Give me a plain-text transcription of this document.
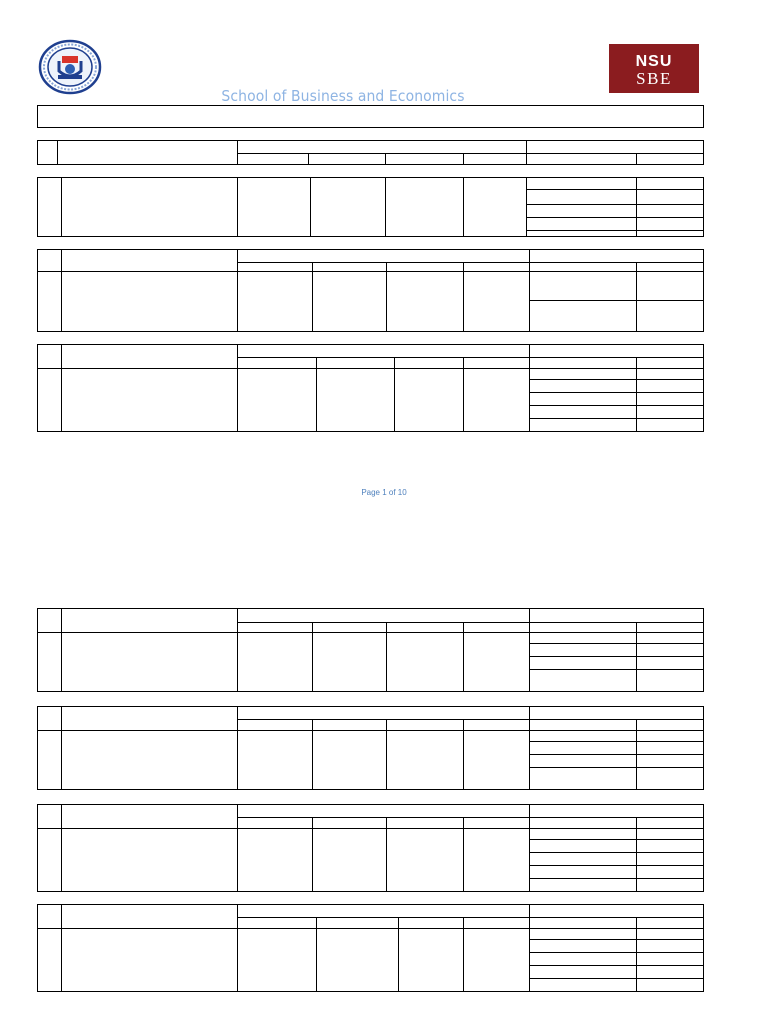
School of Business and Economics
NSU
SBE
Page 1 of 10
